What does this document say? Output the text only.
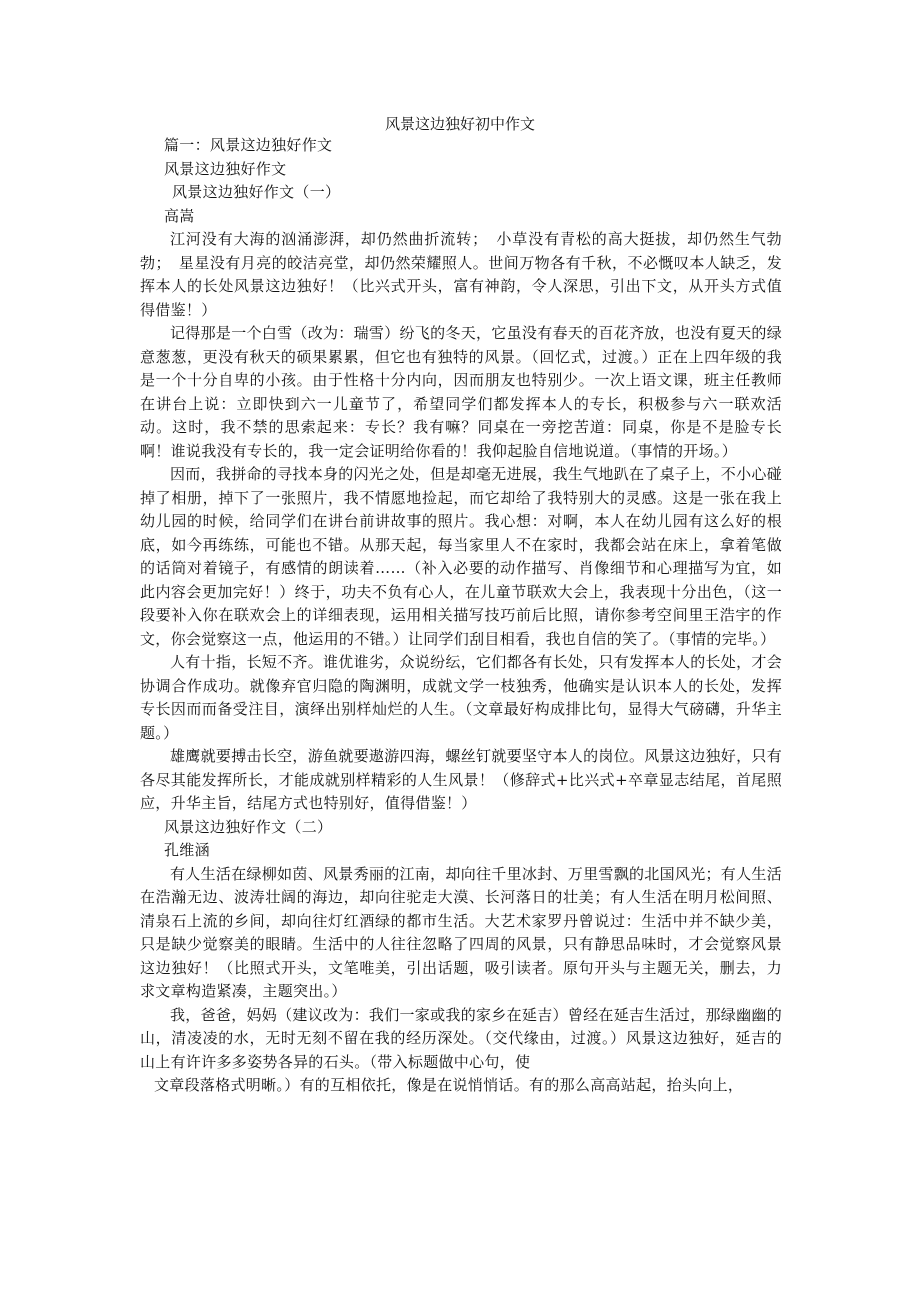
风景这边独好初中作文

篇一：风景这边独好作文

风景这边独好作文

风景这边独好作文（一）

高嵩

江河没有大海的汹涌澎湃，却仍然曲折流转；　小草没有青松的高大挺拔，却仍然生气勃勃；　星星没有月亮的皎洁亮堂，却仍然荣耀照人。世间万物各有千秋，不必慨叹本人缺乏，发挥本人的长处风景这边独好！（比兴式开头，富有神韵，令人深思，引出下文，从开头方式值得借鉴！）

记得那是一个白雪（改为：瑞雪）纷飞的冬天，它虽没有春天的百花齐放，也没有夏天的绿意葱葱，更没有秋天的硕果累累，但它也有独特的风景。（回忆式，过渡。）正在上四年级的我是一个十分自卑的小孩。由于性格十分内向，因而朋友也特别少。一次上语文课，班主任教师在讲台上说：立即快到六一儿童节了，希望同学们都发挥本人的专长，积极参与六一联欢活动。这时，我不禁的思索起来：专长？我有嘛？同桌在一旁挖苦道：同桌，你是不是脸专长啊！谁说我没有专长的，我一定会证明给你看的！我仰起脸自信地说道。（事情的开场。）

因而，我拼命的寻找本身的闪光之处，但是却毫无进展，我生气地趴在了桌子上，不小心碰掉了相册，掉下了一张照片，我不情愿地捡起，而它却给了我特别大的灵感。这是一张在我上幼儿园的时候，给同学们在讲台前讲故事的照片。我心想：对啊，本人在幼儿园有这么好的根底，如今再练练，可能也不错。从那天起，每当家里人不在家时，我都会站在床上，拿着笔做的话筒对着镜子，有感情的朗读着……（补入必要的动作描写、肖像细节和心理描写为宜，如此内容会更加完好！）终于，功夫不负有心人，在儿童节联欢大会上，我表现十分出色，（这一段要补入你在联欢会上的详细表现，运用相关描写技巧前后比照，请你参考空间里王浩宇的作文，你会觉察这一点，他运用的不错。）让同学们刮目相看，我也自信的笑了。（事情的完毕。）

人有十指，长短不齐。谁优谁劣，众说纷纭，它们都各有长处，只有发挥本人的长处，才会协调合作成功。就像弃官归隐的陶渊明，成就文学一枝独秀，他确实是认识本人的长处，发挥专长因而而备受注目，演绎出别样灿烂的人生。（文章最好构成排比句，显得大气磅礴，升华主题。）

雄鹰就要搏击长空，游鱼就要遨游四海，螺丝钉就要坚守本人的岗位。风景这边独好，只有各尽其能发挥所长，才能成就别样精彩的人生风景！（修辞式+比兴式+卒章显志结尾，首尾照应，升华主旨，结尾方式也特别好，值得借鉴！）

风景这边独好作文（二）

孔维涵

有人生活在绿柳如茵、风景秀丽的江南，却向往千里冰封、万里雪飘的北国风光；有人生活在浩瀚无边、波涛壮阔的海边，却向往驼走大漠、长河落日的壮美；有人生活在明月松间照、清泉石上流的乡间，却向往灯红酒绿的都市生活。大艺术家罗丹曾说过：生活中并不缺少美，只是缺少觉察美的眼睛。生活中的人往往忽略了四周的风景，只有静思品味时，才会觉察风景这边独好！（比照式开头，文笔唯美，引出话题，吸引读者。原句开头与主题无关，删去，力求文章构造紧凑，主题突出。）

我，爸爸，妈妈（建议改为：我们一家或我的家乡在延吉）曾经在延吉生活过，那绿幽幽的山，清凌凌的水，无时无刻不留在我的经历深处。（交代缘由，过渡。）风景这边独好，延吉的山上有许许多多姿势各异的石头。（带入标题做中心句，使

文章段落格式明晰。）有的互相依托，像是在说悄悄话。有的那么高高站起，抬头向上，
